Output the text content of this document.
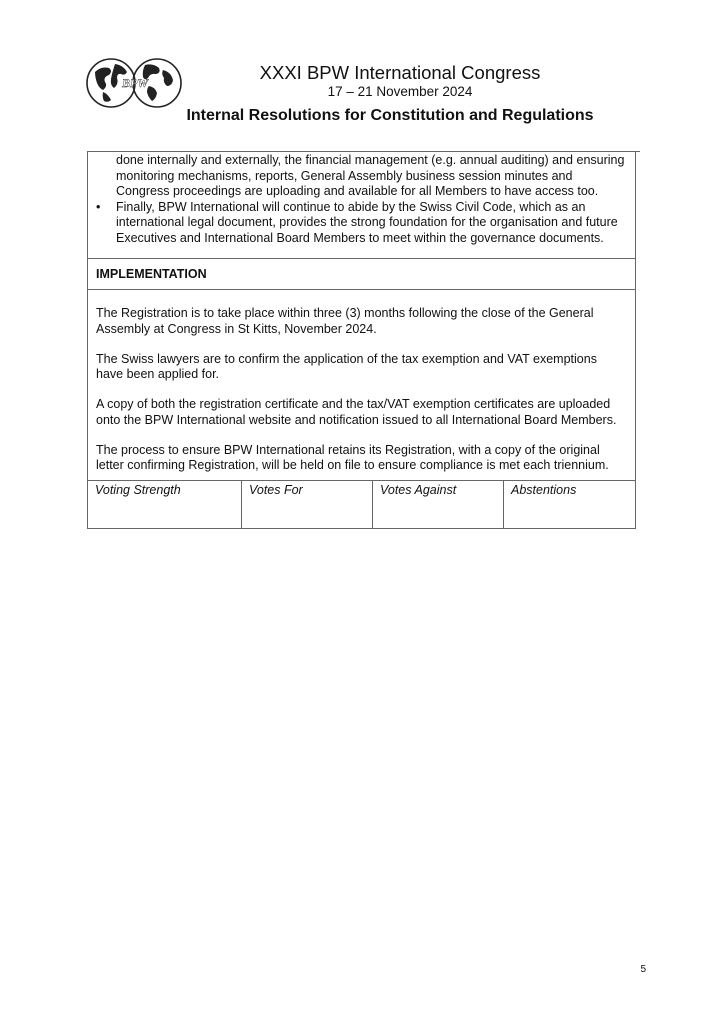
BPW	XXXI BPW International Congress

17 – 21 November 2024

Internal Resolutions for Constitution and Regulations

done internally and externally, the financial management (e.g. annual auditing) and ensuring monitoring mechanisms, reports, General Assembly business session minutes and Congress proceedings are uploading and available for all Members to have access too.
•	Finally, BPW International will continue to abide by the Swiss Civil Code, which as an international legal document, provides the strong foundation for the organisation and future Executives and International Board Members to meet within the governance documents.
IMPLEMENTATION

The Registration is to take place within three (3) months following the close of the General Assembly at Congress in St Kitts, November 2024.

The Swiss lawyers are to confirm the application of the tax exemption and VAT exemptions have been applied for.

A copy of both the registration certificate and the tax/VAT exemption certificates are uploaded onto the BPW International website and notification issued to all International Board Members.

The process to ensure BPW International retains its Registration, with a copy of the original letter confirming Registration, will be held on file to ensure compliance is met each triennium.

Voting Strength	Votes For	Votes Against	Abstentions
5
